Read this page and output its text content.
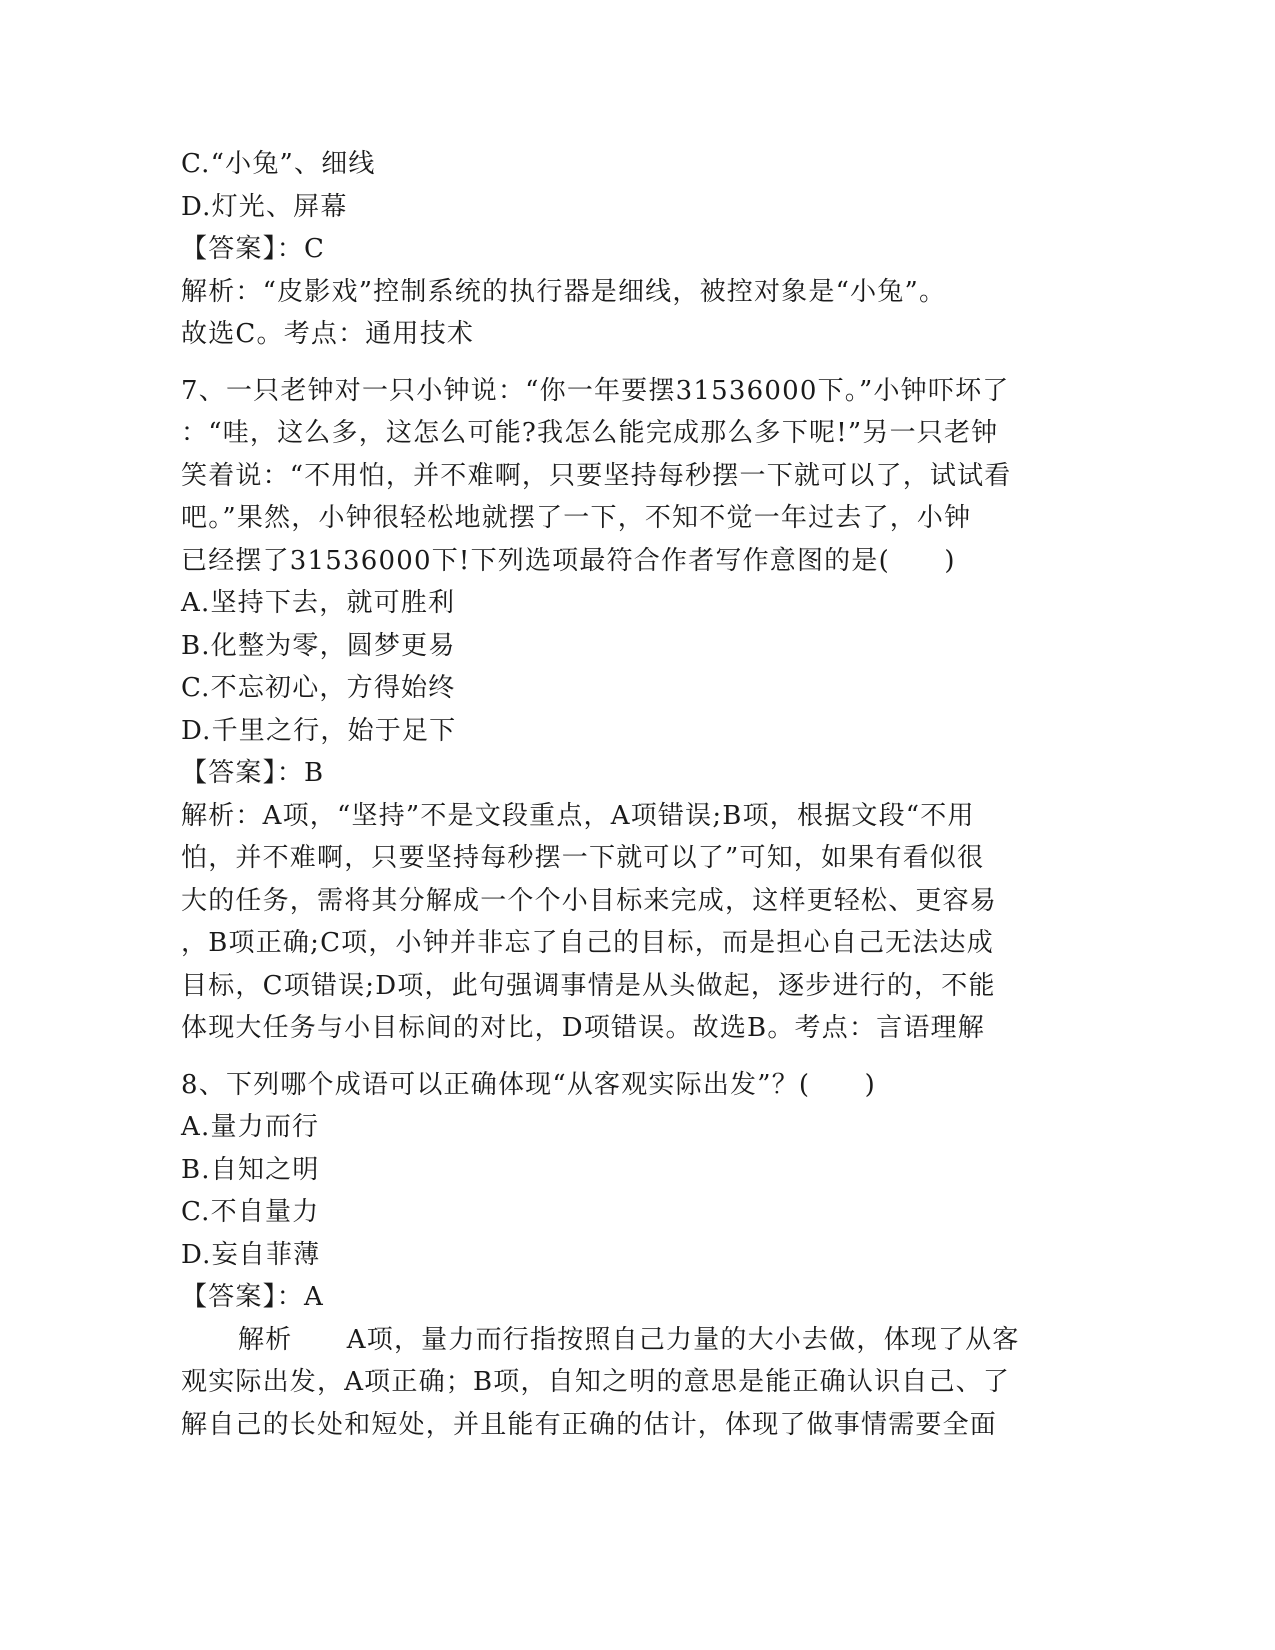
C.“小兔”、细线
D.灯光、屏幕
【答案】：C
解析：“皮影戏”控制系统的执行器是细线，被控对象是“小兔”。
故选C。考点：通用技术
7、一只老钟对一只小钟说：“你一年要摆31536000下。”小钟吓坏了
：“哇，这么多，这怎么可能?我怎么能完成那么多下呢!”另一只老钟
笑着说：“不用怕，并不难啊，只要坚持每秒摆一下就可以了，试试看
吧。”果然，小钟很轻松地就摆了一下，不知不觉一年过去了，小钟
已经摆了31536000下!下列选项最符合作者写作意图的是(　　)
A.坚持下去，就可胜利
B.化整为零，圆梦更易
C.不忘初心，方得始终
D.千里之行，始于足下
【答案】：B
解析：A项，“坚持”不是文段重点，A项错误;B项，根据文段“不用
怕，并不难啊，只要坚持每秒摆一下就可以了”可知，如果有看似很
大的任务，需将其分解成一个个小目标来完成，这样更轻松、更容易
，B项正确;C项，小钟并非忘了自己的目标，而是担心自己无法达成
目标，C项错误;D项，此句强调事情是从头做起，逐步进行的，不能
体现大任务与小目标间的对比，D项错误。故选B。考点：言语理解
8、下列哪个成语可以正确体现“从客观实际出发”？(　　)
A.量力而行
B.自知之明
C.不自量力
D.妄自菲薄
【答案】：A
解析　　A项，量力而行指按照自己力量的大小去做，体现了从客
观实际出发，A项正确；B项，自知之明的意思是能正确认识自己、了
解自己的长处和短处，并且能有正确的估计，体现了做事情需要全面
